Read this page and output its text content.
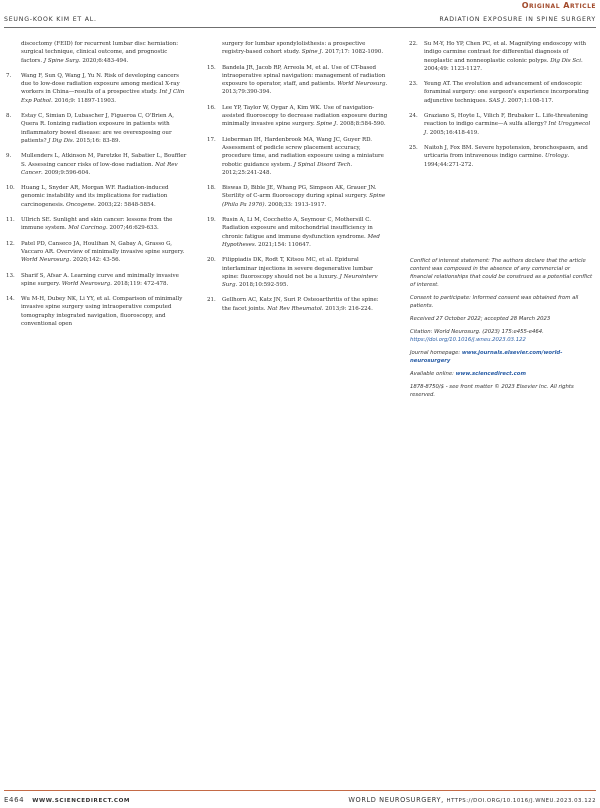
Original Article
SEUNG-KOOK KIM ET AL.	RADIATION EXPOSURE IN SPINE SURGERY
discectomy (FEID) for recurrent lumbar disc herniation: surgical technique, clinical outcome, and prognostic factors. J Spine Surg. 2020;6:483-494.
7. Wang F, Sun Q, Wang J, Yu N. Risk of developing cancers due to low-dose radiation exposure among medical X-ray workers in China—results of a prospective study. Int J Clin Exp Pathol. 2016;9: 11897-11903.
8. Estay C, Simian D, Lubascher J, Figueroa C, O'Brien A, Quera R. Ionizing radiation exposure in patients with inflammatory bowel disease: are we overexposing our patients? J Dig Dis. 2015;16: 83-89.
9. Mullenders L, Atkinson M, Paretzke H, Sabatier L, Bouffler S. Assessing cancer risks of low-dose radiation. Nat Rev Cancer. 2009;9:596-604.
10. Huang L, Snyder AR, Morgan WF. Radiation-induced genomic instability and its implications for radiation carcinogenesis. Oncogene. 2003;22: 5848-5854.
11. Ullrich SE. Sunlight and skin cancer: lessons from the immune system. Mol Carcinog. 2007;46:629-633.
12. Patel PD, Canseco JA, Houlihan N, Gabay A, Grasso G, Vaccaro AR. Overview of minimally invasive spine surgery. World Neurosurg. 2020;142: 43-56.
13. Sharif S, Afsar A. Learning curve and minimally invasive spine surgery. World Neurosurg. 2018;119: 472-478.
14. Wu M-H, Dubey NK, Li YY, et al. Comparison of minimally invasive spine surgery using intraoperative computed tomography integrated navigation, fluoroscopy, and conventional open
surgery for lumbar spondylolisthesis: a prospective registry-based cohort study. Spine J. 2017;17: 1082-1090.
15. Bandela JR, Jacob RP, Arreola M, et al. Use of CT-based intraoperative spinal navigation: management of radiation exposure to operator, staff, and patients. World Neurosurg. 2013;79:390-394.
16. Lee YP, Taylor W, Oygar A, Kim WK. Use of navigation-assisted fluoroscopy to decrease radiation exposure during minimally invasive spine surgery. Spine J. 2008;8:584-590.
17. Lieberman IH, Hardenbrook MA, Wang JC, Guyer RD. Assessment of pedicle screw placement accuracy, procedure time, and radiation exposure using a miniature robotic guidance system. J Spinal Disord Tech. 2012;25:241-248.
18. Biswas D, Bible JE, Whang PG, Simpson AK, Grauer JN. Sterility of C-arm fluoroscopy during spinal surgery. Spine (Phila Pa 1976). 2008;33: 1913-1917.
19. Rusin A, Li M, Cocchetto A, Seymour C, Mothersill C. Radiation exposure and mitochondrial insufficiency in chronic fatigue and immune dysfunction syndrome. Med Hypotheses. 2021;154: 110647.
20. Filippiadis DK, Rodt T, Kitsou MC, et al. Epidural interlaminar injections in severe degenerative lumbar spine: fluoroscopy should not be a luxury. J Neurointerv Surg. 2018;10:592-595.
21. Gellhorn AC, Katz JN, Suri P. Osteoarthritis of the spine: the facet joints. Nat Rev Rheumatol. 2013;9: 216-224.
22. Su M-Y, Ho YP, Chen PC, et al. Magnifying endoscopy with indigo carmine contrast for differential diagnosis of neoplastic and nonneoplastic colonic polyps. Dig Dis Sci. 2004;49: 1123-1127.
23. Yeung AT. The evolution and advancement of endoscopic foraminal surgery: one surgeon's experience incorporating adjunctive techniques. SAS J. 2007;1:108-117.
24. Graziano S, Hoyte L, Vilich F, Brubaker L. Life-threatening reaction to indigo carmine—A sulfa allergy? Int Urogynecol J. 2005;16:418-419.
25. Naitoh J, Fox BM. Severe hypotension, bronchospasm, and urticaria from intravenous indigo carmine. Urology. 1994;44:271-272.

Conflict of interest statement: The authors declare that the article content was composed in the absence of any commercial or financial relationships that could be construed as a potential conflict of interest.

Consent to participate: Informed consent was obtained from all patients.

Received 27 October 2022; accepted 28 March 2023

Citation: World Neurosurg. (2023) 175:e455-e464.
https://doi.org/10.1016/j.wneu.2023.03.122

Journal homepage: www.journals.elsevier.com/world-neurosurgery

Available online: www.sciencedirect.com

1878-8750/$ - see front matter © 2023 Elsevier Inc. All rights reserved.

E464 WWW.SCIENCEDIRECT.COM	WORLD NEUROSURGERY, HTTPS://DOI.ORG/10.1016/J.WNEU.2023.03.122
